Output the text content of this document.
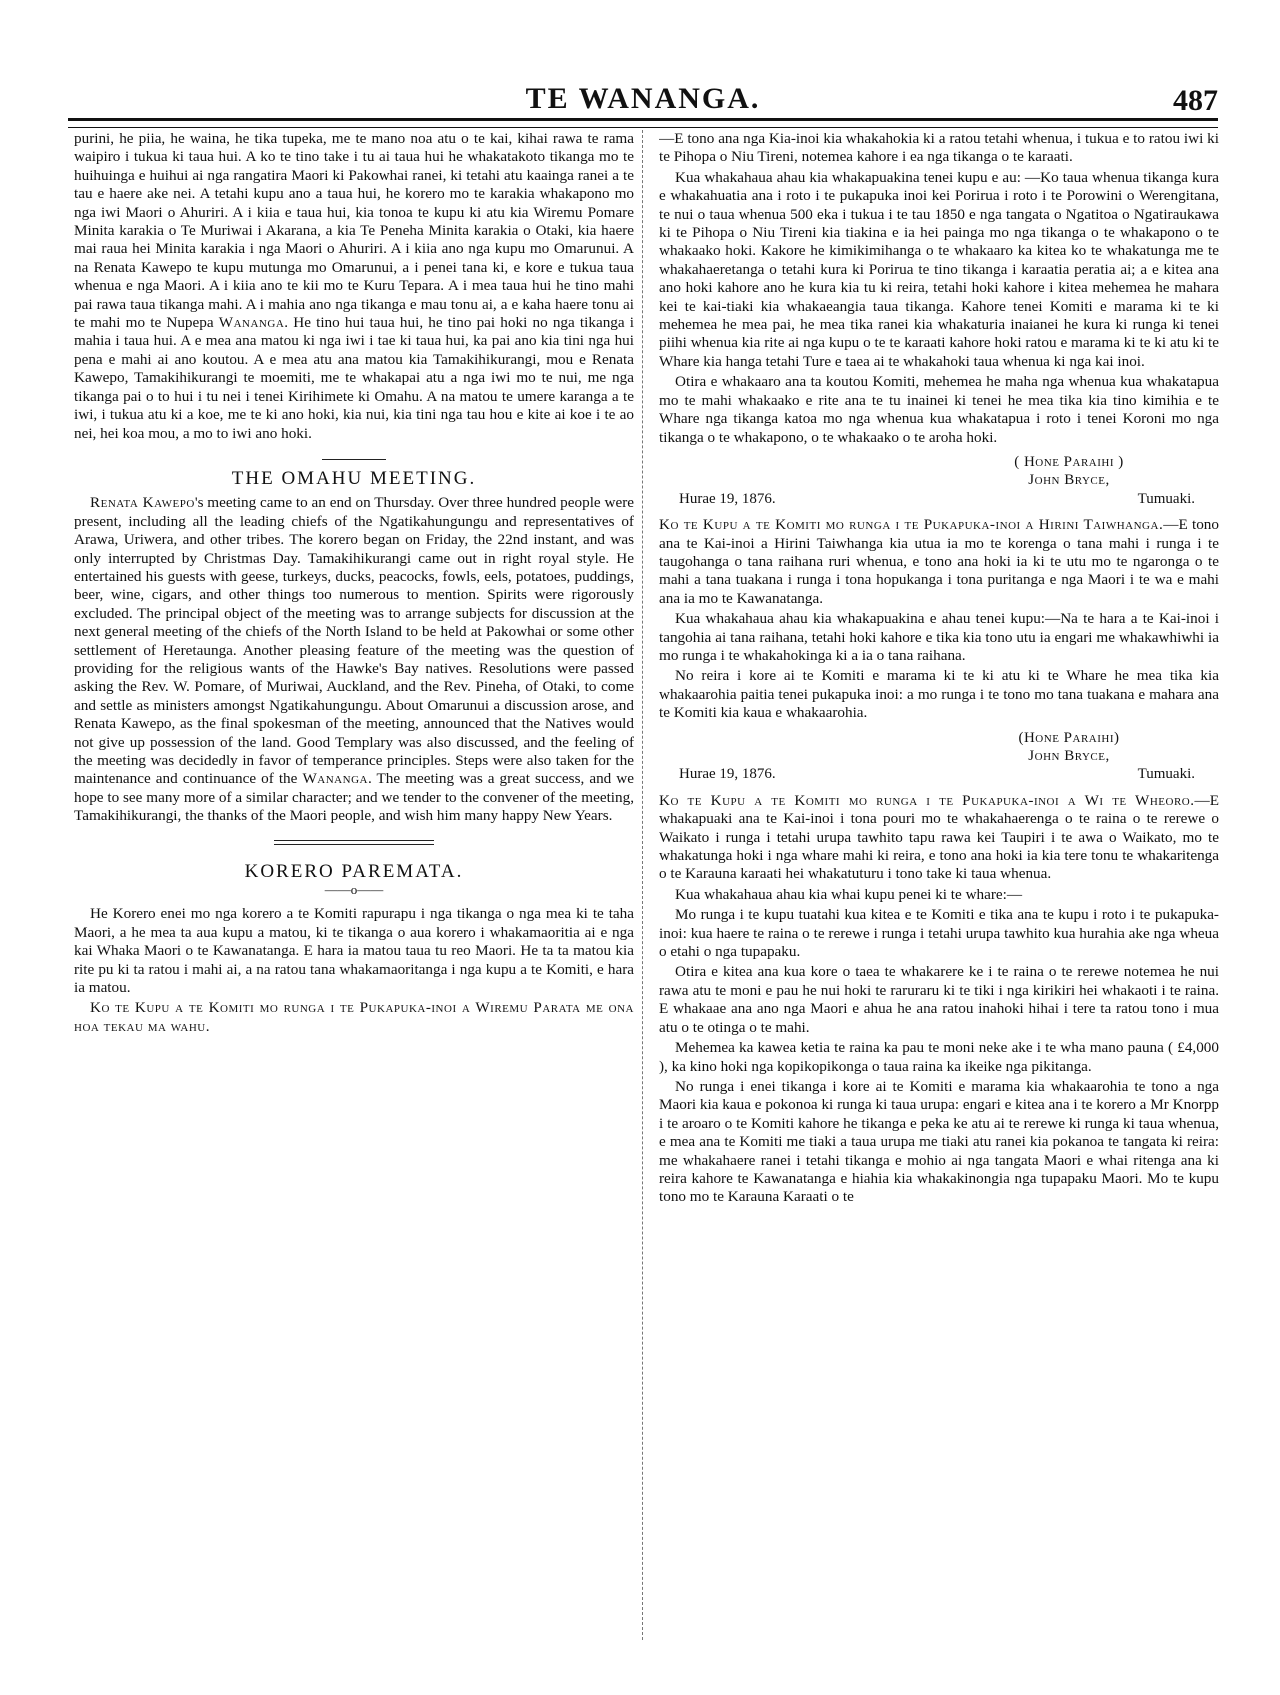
TE WANANGA.	487

purini, he piia, he waina, he tika tupeka, me te mano noa atu o te kai, kihai rawa te rama waipiro i tukua ki taua hui. A ko te tino take i tu ai taua hui he whakatakoto tikanga mo te huihuinga e huihui ai nga rangatira Maori ki Pakowhai ranei, ki tetahi atu kaainga ranei a te tau e haere ake nei. A tetahi kupu ano a taua hui, he korero mo te karakia whakapono mo nga iwi Maori o Ahuriri. A i kiia e taua hui, kia tonoa te kupu ki atu kia Wiremu Pomare Minita karakia o Te Muriwai i Akarana, a kia Te Peneha Minita karakia o Otaki, kia haere mai raua hei Minita karakia i nga Maori o Ahuriri. A i kiia ano nga kupu mo Omarunui. A na Renata Kawepo te kupu mutunga mo Omarunui, a i penei tana ki, e kore e tukua taua whenua e nga Maori. A i kiia ano te kii mo te Kuru Tepara. A i mea taua hui he tino mahi pai rawa taua tikanga mahi. A i mahia ano nga tikanga e mau tonu ai, a e kaha haere tonu ai te mahi mo te Nupepa Wananga. He tino hui taua hui, he tino pai hoki no nga tikanga i mahia i taua hui. A e mea ana matou ki nga iwi i tae ki taua hui, ka pai ano kia tini nga hui pena e mahi ai ano koutou. A e mea atu ana matou kia Tamakihikurangi, mou e Renata Kawepo, Tamakihikurangi te moemiti, me te whakapai atu a nga iwi mo te nui, me nga tikanga pai o to hui i tu nei i tenei Kirihimete ki Omahu. A na matou te umere karanga a te iwi, i tukua atu ki a koe, me te ki ano hoki, kia nui, kia tini nga tau hou e kite ai koe i te ao nei, hei koa mou, a mo to iwi ano hoki.

THE OMAHU MEETING.

Renata Kawepo's meeting came to an end on Thursday. Over three hundred people were present, including all the leading chiefs of the Ngatikahungungu and representatives of Arawa, Uriwera, and other tribes. The korero began on Friday, the 22nd instant, and was only interrupted by Christmas Day. Tamakihikurangi came out in right royal style. He entertained his guests with geese, turkeys, ducks, peacocks, fowls, eels, potatoes, puddings, beer, wine, cigars, and other things too numerous to mention. Spirits were rigorously excluded. The principal object of the meeting was to arrange subjects for discussion at the next general meeting of the chiefs of the North Island to be held at Pakowhai or some other settlement of Heretaunga. Another pleasing feature of the meeting was the question of providing for the religious wants of the Hawke's Bay natives. Resolutions were passed asking the Rev. W. Pomare, of Muriwai, Auckland, and the Rev. Pineha, of Otaki, to come and settle as ministers amongst Ngatikahungungu. About Omarunui a discussion arose, and Renata Kawepo, as the final spokesman of the meeting, announced that the Natives would not give up possession of the land. Good Templary was also discussed, and the feeling of the meeting was decidedly in favor of temperance principles. Steps were also taken for the maintenance and continuance of the Wananga. The meeting was a great success, and we hope to see many more of a similar character; and we tender to the convener of the meeting, Tamakihikurangi, the thanks of the Maori people, and wish him many happy New Years.

KORERO PAREMATA.
——o——

He Korero enei mo nga korero a te Komiti rapurapu i nga tikanga o nga mea ki te taha Maori, a he mea ta aua kupu a matou, ki te tikanga o aua korero i whakamaoritia ai e nga kai Whaka Maori o te Kawanatanga. E hara ia matou taua tu reo Maori. He ta ta matou kia rite pu ki ta ratou i mahi ai, a na ratou tana whakamaoritanga i nga kupu a te Komiti, e hara ia matou.

Ko te Kupu a te Komiti mo runga i te Pukapuka-inoi a Wiremu Parata me ona hoa tekau ma wahu.

—E tono ana nga Kia-inoi kia whakahokia ki a ratou tetahi whenua, i tukua e to ratou iwi ki te Pihopa o Niu Tireni, notemea kahore i ea nga tikanga o te karaati.

Kua whakahaua ahau kia whakapuakina tenei kupu e au: —Ko taua whenua tikanga kura e whakahuatia ana i roto i te pukapuka inoi kei Porirua i roto i te Porowini o Werengitana, te nui o taua whenua 500 eka i tukua i te tau 1850 e nga tangata o Ngatitoa o Ngatiraukawa ki te Pihopa o Niu Tireni kia tiakina e ia hei painga mo nga tikanga o te whakapono o te whakaako hoki. Kakore he kimikimihanga o te whakaaro ka kitea ko te whakatunga me te whakahaeretanga o tetahi kura ki Porirua te tino tikanga i karaatia peratia ai; a e kitea ana ano hoki kahore ano he kura kia tu ki reira, tetahi hoki kahore i kitea mehemea he mahara kei te kai-tiaki kia whakaeangia taua tikanga. Kahore tenei Komiti e marama ki te ki mehemea he mea pai, he mea tika ranei kia whakaturia inaianei he kura ki runga ki tenei piihi whenua kia rite ai nga kupu o te te karaati kahore hoki ratou e marama ki te ki atu ki te Whare kia hanga tetahi Ture e taea ai te whakahoki taua whenua ki nga kai inoi.

Otira e whakaaro ana ta koutou Komiti, mehemea he maha nga whenua kua whakatapua mo te mahi whakaako e rite ana te tu inainei ki tenei he mea tika kia tino kimihia e te Whare nga tikanga katoa mo nga whenua kua whakatapua i roto i tenei Koroni mo nga tikanga o te whakapono, o te whakaako o te aroha hoki.

( Hone Paraihi )
John Bryce,
Hurae 19, 1876.	Tumuaki.

Ko te Kupu a te Komiti mo runga i te Pukapuka-inoi a Hirini Taiwhanga.—E tono ana te Kai-inoi a Hirini Taiwhanga kia utua ia mo te korenga o tana mahi i runga i te taugohanga o tana raihana ruri whenua, e tono ana hoki ia ki te utu mo te ngaronga o te mahi a tana tuakana i runga i tona hopukanga i tona puritanga e nga Maori i te wa e mahi ana ia mo te Kawanatanga.

Kua whakahaua ahau kia whakapuakina e ahau tenei kupu:—Na te hara a te Kai-inoi i tangohia ai tana raihana, tetahi hoki kahore e tika kia tono utu ia engari me whakawhiwhi ia mo runga i te whakahokinga ki a ia o tana raihana.

No reira i kore ai te Komiti e marama ki te ki atu ki te Whare he mea tika kia whakaarohia paitia tenei pukapuka inoi: a mo runga i te tono mo tana tuakana e mahara ana te Komiti kia kaua e whakaarohia.

(Hone Paraihi)
John Bryce,
Hurae 19, 1876.	Tumuaki.

Ko te Kupu a te Komiti mo runga i te Pukapuka-inoi a Wi te Wheoro.—E whakapuaki ana te Kai-inoi i tona pouri mo te whakahaerenga o te raina o te rerewe o Waikato i runga i tetahi urupa tawhito tapu rawa kei Taupiri i te awa o Waikato, mo te whakatunga hoki i nga whare mahi ki reira, e tono ana hoki ia kia tere tonu te whakaritenga o te Karauna karaati hei whakatuturu i tono take ki taua whenua.

Kua whakahaua ahau kia whai kupu penei ki te whare:—

Mo runga i te kupu tuatahi kua kitea e te Komiti e tika ana te kupu i roto i te pukapuka-inoi: kua haere te raina o te rerewe i runga i tetahi urupa tawhito kua hurahia ake nga wheua o etahi o nga tupapaku.

Otira e kitea ana kua kore o taea te whakarere ke i te raina o te rerewe notemea he nui rawa atu te moni e pau he nui hoki te raruraru ki te tiki i nga kirikiri hei whakaoti i te raina. E whakaae ana ano nga Maori e ahua he ana ratou inahoki hihai i tere ta ratou tono i mua atu o te otinga o te mahi.

Mehemea ka kawea ketia te raina ka pau te moni neke ake i te wha mano pauna ( £4,000 ), ka kino hoki nga kopikopikonga o taua raina ka ikeike nga pikitanga.

No runga i enei tikanga i kore ai te Komiti e marama kia whakaarohia te tono a nga Maori kia kaua e pokonoa ki runga ki taua urupa: engari e kitea ana i te korero a Mr Knorpp i te aroaro o te Komiti kahore he tikanga e peka ke atu ai te rerewe ki runga ki taua whenua, e mea ana te Komiti me tiaki a taua urupa me tiaki atu ranei kia pokanoa te tangata ki reira: me whakahaere ranei i tetahi tikanga e mohio ai nga tangata Maori e whai ritenga ana ki reira kahore te Kawanatanga e hiahia kia whakakinongia nga tupapaku Maori. Mo te kupu tono mo te Karauna Karaati o te
